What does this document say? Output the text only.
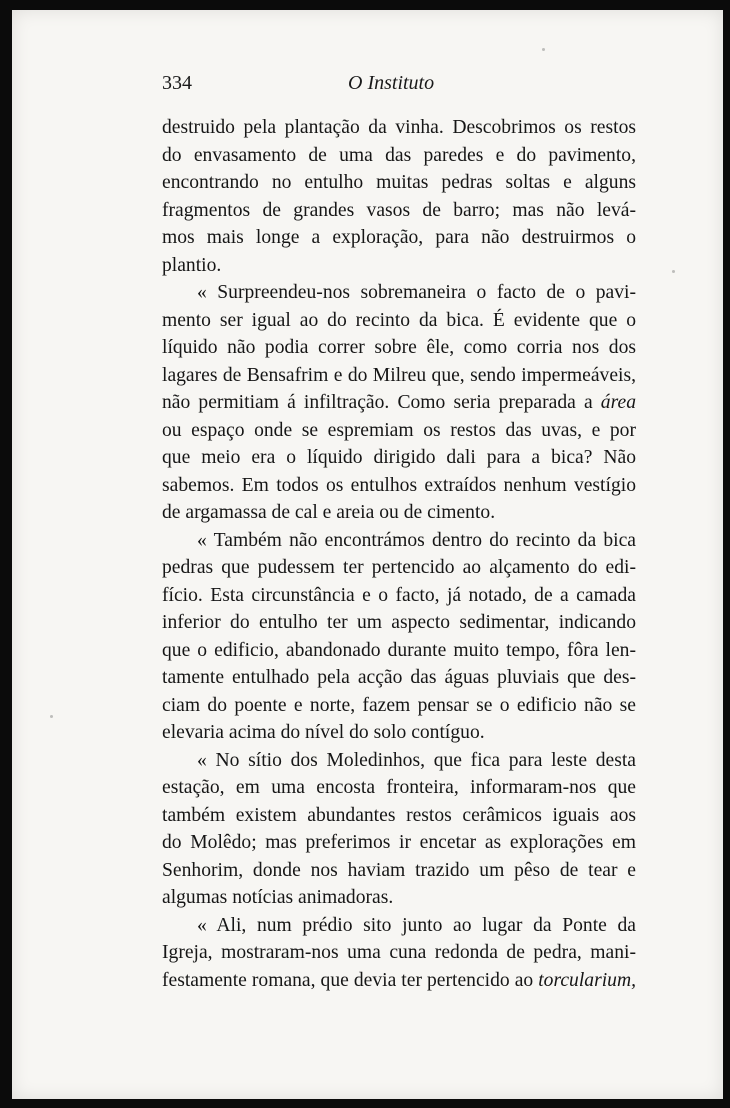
334	O Instituto

destruido pela plantação da vinha. Descobrimos os restos
do envasamento de uma das paredes e do pavimento,
encontrando no entulho muitas pedras soltas e alguns
fragmentos de grandes vasos de barro; mas não levá-
mos mais longe a exploração, para não destruirmos o
plantio.

« Surpreendeu-nos sobremaneira o facto de o pavi-
mento ser igual ao do recinto da bica. É evidente que o
líquido não podia correr sobre êle, como corria nos dos
lagares de Bensafrim e do Milreu que, sendo impermeáveis,
não permitiam á infiltração. Como seria preparada a área
ou espaço onde se espremiam os restos das uvas, e por
que meio era o líquido dirigido dali para a bica? Não
sabemos. Em todos os entulhos extraídos nenhum vestígio
de argamassa de cal e areia ou de cimento.

« Também não encontrámos dentro do recinto da bica
pedras que pudessem ter pertencido ao alçamento do edi-
fício. Esta circunstância e o facto, já notado, de a camada
inferior do entulho ter um aspecto sedimentar, indicando
que o edificio, abandonado durante muito tempo, fôra len-
tamente entulhado pela acção das águas pluviais que des-
ciam do poente e norte, fazem pensar se o edificio não se
elevaria acima do nível do solo contíguo.

« No sítio dos Moledinhos, que fica para leste desta
estação, em uma encosta fronteira, informaram-nos que
também existem abundantes restos cerâmicos iguais aos
do Molêdo; mas preferimos ir encetar as explorações em
Senhorim, donde nos haviam trazido um pêso de tear e
algumas notícias animadoras.

« Ali, num prédio sito junto ao lugar da Ponte da
Igreja, mostraram-nos uma cuna redonda de pedra, mani-
festamente romana, que devia ter pertencido ao torcularium,
